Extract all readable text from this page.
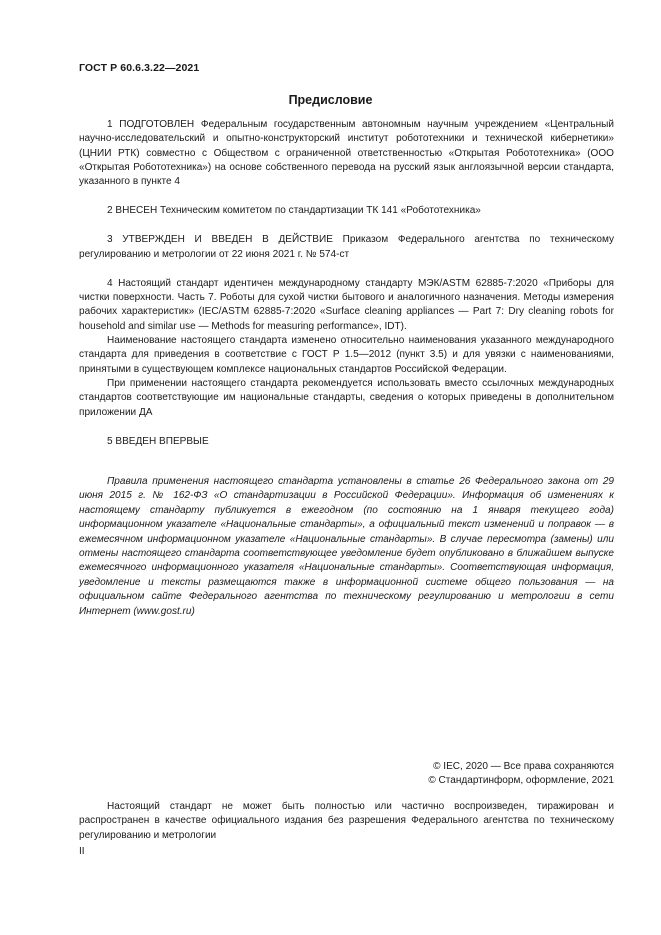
ГОСТ Р 60.6.3.22—2021
Предисловие

1 ПОДГОТОВЛЕН Федеральным государственным автономным научным учреждением «Центральный научно-исследовательский и опытно-конструкторский институт робототехники и технической кибернетики» (ЦНИИ РТК) совместно с Обществом с ограниченной ответственностью «Открытая Робототехника» (ООО «Открытая Робототехника») на основе собственного перевода на русский язык англоязычной версии стандарта, указанного в пункте 4

2 ВНЕСЕН Техническим комитетом по стандартизации ТК 141 «Робототехника»

3 УТВЕРЖДЕН И ВВЕДЕН В ДЕЙСТВИЕ Приказом Федерального агентства по техническому регулированию и метрологии от 22 июня 2021 г. № 574-ст

4 Настоящий стандарт идентичен международному стандарту МЭК/ASTM 62885-7:2020 «Приборы для чистки поверхности. Часть 7. Роботы для сухой чистки бытового и аналогичного назначения. Методы измерения рабочих характеристик» (IEC/ASTM 62885-7:2020 «Surface cleaning appliances — Part 7: Dry cleaning robots for household and similar use — Methods for measuring performance», IDT).

Наименование настоящего стандарта изменено относительно наименования указанного международного стандарта для приведения в соответствие с ГОСТ Р 1.5—2012 (пункт 3.5) и для увязки с наименованиями, принятыми в существующем комплексе национальных стандартов Российской Федерации.

При применении настоящего стандарта рекомендуется использовать вместо ссылочных международных стандартов соответствующие им национальные стандарты, сведения о которых приведены в дополнительном приложении ДА

5 ВВЕДЕН ВПЕРВЫЕ

Правила применения настоящего стандарта установлены в статье 26 Федерального закона от 29 июня 2015 г. № 162-ФЗ «О стандартизации в Российской Федерации». Информация об изменениях к настоящему стандарту публикуется в ежегодном (по состоянию на 1 января текущего года) информационном указателе «Национальные стандарты», а официальный текст изменений и поправок — в ежемесячном информационном указателе «Национальные стандарты». В случае пересмотра (замены) или отмены настоящего стандарта соответствующее уведомление будет опубликовано в ближайшем выпуске ежемесячного информационного указателя «Национальные стандарты». Соответствующая информация, уведомление и тексты размещаются также в информационной системе общего пользования — на официальном сайте Федерального агентства по техническому регулированию и метрологии в сети Интернет (www.gost.ru)

© IEC, 2020 — Все права сохраняются
© Стандартинформ, оформление, 2021

Настоящий стандарт не может быть полностью или частично воспроизведен, тиражирован и распространен в качестве официального издания без разрешения Федерального агентства по техническому регулированию и метрологии

II
